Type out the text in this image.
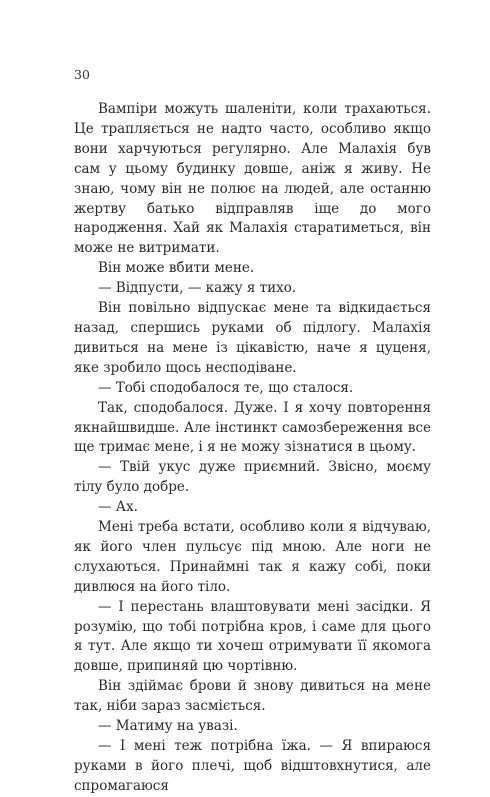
30

Вампіри можуть шаленіти, коли трахаються. Це трапляється не надто часто, особливо якщо вони харчуються регулярно. Але Малахія був сам у цьому будинку довше, аніж я живу. Не знаю, чому він не полює на людей, але останню жертву батько відправляв іще до мого народження. Хай як Малахія старатиметься, він може не витримати.

Він може вбити мене.

— Відпусти, — кажу я тихо.

Він повільно відпускає мене та відкидається назад, спершись руками об підлогу. Малахія дивиться на мене із цікавістю, наче я цуценя, яке зробило щось несподіване.

— Тобі сподобалося те, що сталося.

Так, сподобалося. Дуже. І я хочу повторення якнайшвидше. Але інстинкт самозбереження все ще тримає мене, і я не можу зізнатися в цьому.

— Твій укус дуже приємний. Звісно, моєму тілу було добре.

— Ах.

Мені треба встати, особливо коли я відчуваю, як його член пульсує під мною. Але ноги не слухаються. Принаймні так я кажу собі, поки дивлюся на його тіло.

— І перестань влаштовувати мені засідки. Я розумію, що тобі потрібна кров, і саме для цього я тут. Але якщо ти хочеш отримувати її якомога довше, припиняй цю чортівню.

Він здіймає брови й знову дивиться на мене так, ніби зараз засміється.

— Матиму на увазі.

— І мені теж потрібна їжа. — Я впираюся руками в його плечі, щоб відштовхнутися, але спромагаюся
